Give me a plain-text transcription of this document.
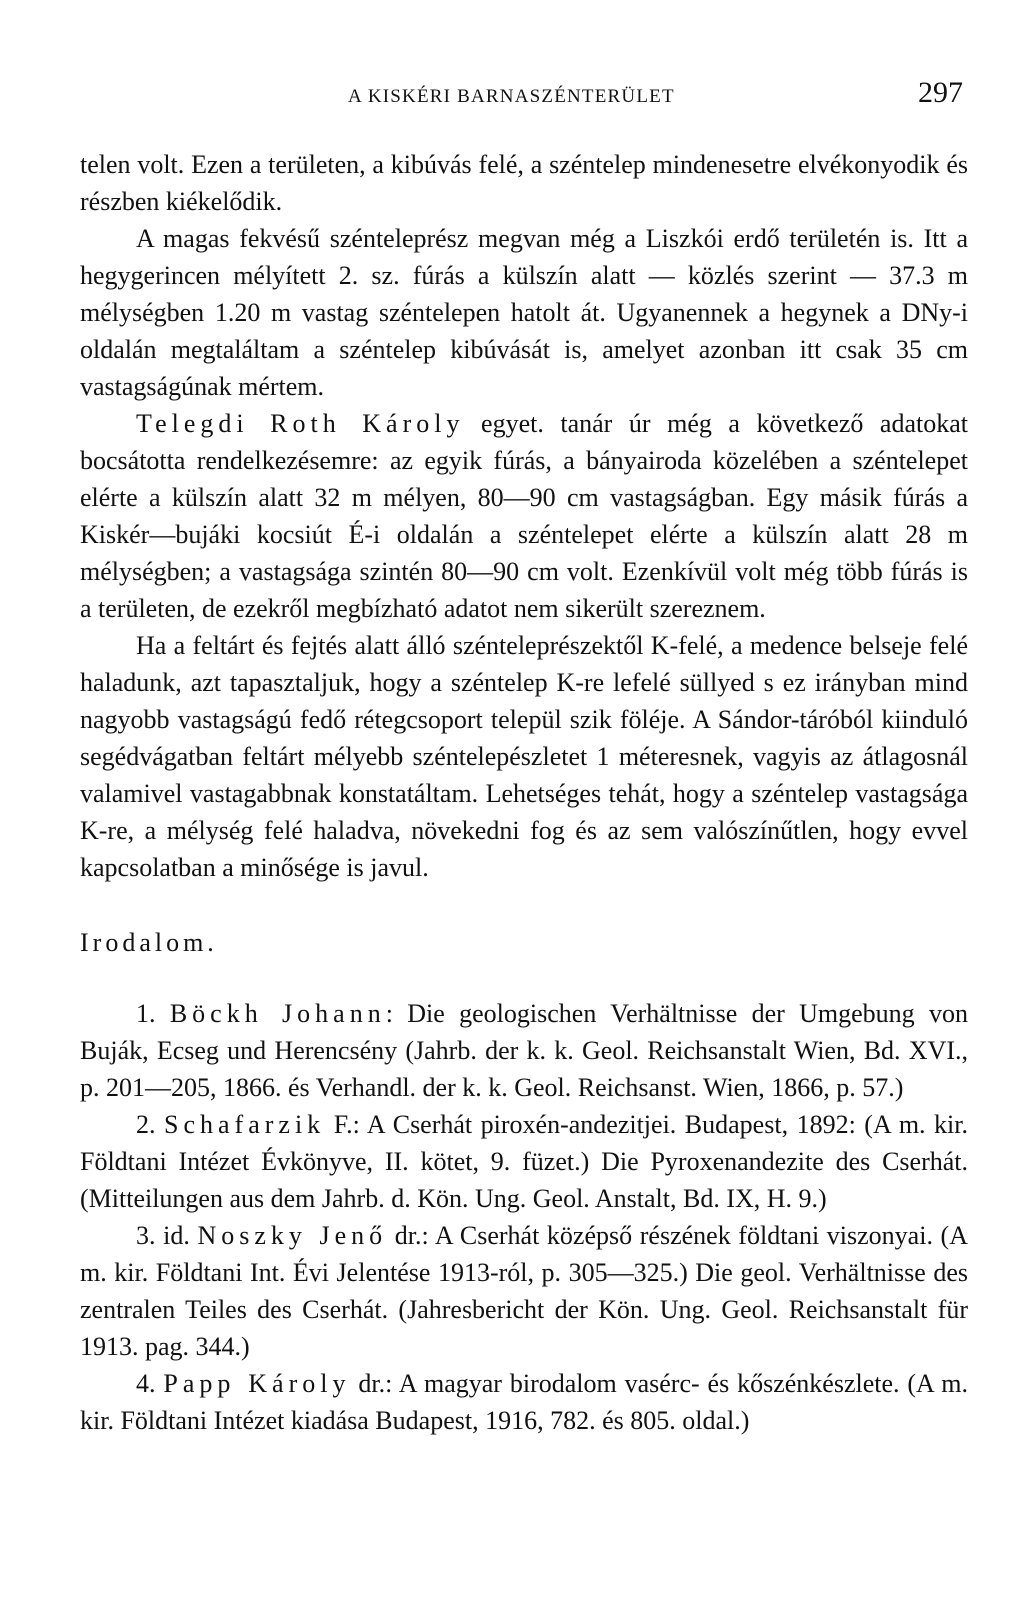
A KISKÉRI BARNASZÉNTERÜLET	297

telen volt. Ezen a területen, a kibúvás felé, a széntelep mindenesetre elvékonyodik és részben kiékelődik.

A magas fekvésű szénteleprész megvan még a Liszkói erdő területén is. Itt a hegygerincen mélyített 2. sz. fúrás a külszín alatt — közlés szerint — 37.3 m mélységben 1.20 m vastag széntelepen hatolt át. Ugyanennek a hegynek a DNy-i oldalán megtaláltam a széntelep kibúvását is, amelyet azonban itt csak 35 cm vastagságúnak mértem.

Telegdi Roth Károly egyet. tanár úr még a következő adatokat bocsátotta rendelkezésemre: az egyik fúrás, a bányairoda közelében a széntelepet elérte a külszín alatt 32 m mélyen, 80—90 cm vastagságban. Egy másik fúrás a Kiskér—bujáki kocsiút É-i oldalán a széntelepet elérte a külszín alatt 28 m mélységben; a vastagsága szintén 80—90 cm volt. Ezenkívül volt még több fúrás is a területen, de ezekről megbízható adatot nem sikerült szereznem.

Ha a feltárt és fejtés alatt álló szénteleprészektől K-felé, a medence belseje felé haladunk, azt tapasztaljuk, hogy a széntelep K-re lefelé süllyed s ez irányban mind nagyobb vastagságú fedő rétegcsoport települ szik föléje. A Sándor-táróból kiinduló segédvágatban feltárt mélyebb széntelepészletet 1 méteresnek, vagyis az átlagosnál valamivel vastagabbnak konstatáltam. Lehetséges tehát, hogy a széntelep vastagsága K-re, a mélység felé haladva, növekedni fog és az sem valószínűtlen, hogy evvel kapcsolatban a minősége is javul.

Irodalom.

1. Böckh Johann: Die geologischen Verhältnisse der Umgebung von Buják, Ecseg und Herencsény (Jahrb. der k. k. Geol. Reichsanstalt Wien, Bd. XVI., p. 201—205, 1866. és Verhandl. der k. k. Geol. Reichsanst. Wien, 1866, p. 57.)

2. Schafarzik F.: A Cserhát piroxén-andezitjei. Budapest, 1892: (A m. kir. Földtani Intézet Évkönyve, II. kötet, 9. füzet.) Die Pyroxenandezite des Cserhát. (Mitteilungen aus dem Jahrb. d. Kön. Ung. Geol. Anstalt, Bd. IX, H. 9.)

3. id. Noszky Jenő dr.: A Cserhát középső részének földtani viszonyai. (A m. kir. Földtani Int. Évi Jelentése 1913-ról, p. 305—325.) Die geol. Verhältnisse des zentralen Teiles des Cserhát. (Jahresbericht der Kön. Ung. Geol. Reichsanstalt für 1913. pag. 344.)

4. Papp Károly dr.: A magyar birodalom vasérc- és kőszénkészlete. (A m. kir. Földtani Intézet kiadása Budapest, 1916, 782. és 805. oldal.)
